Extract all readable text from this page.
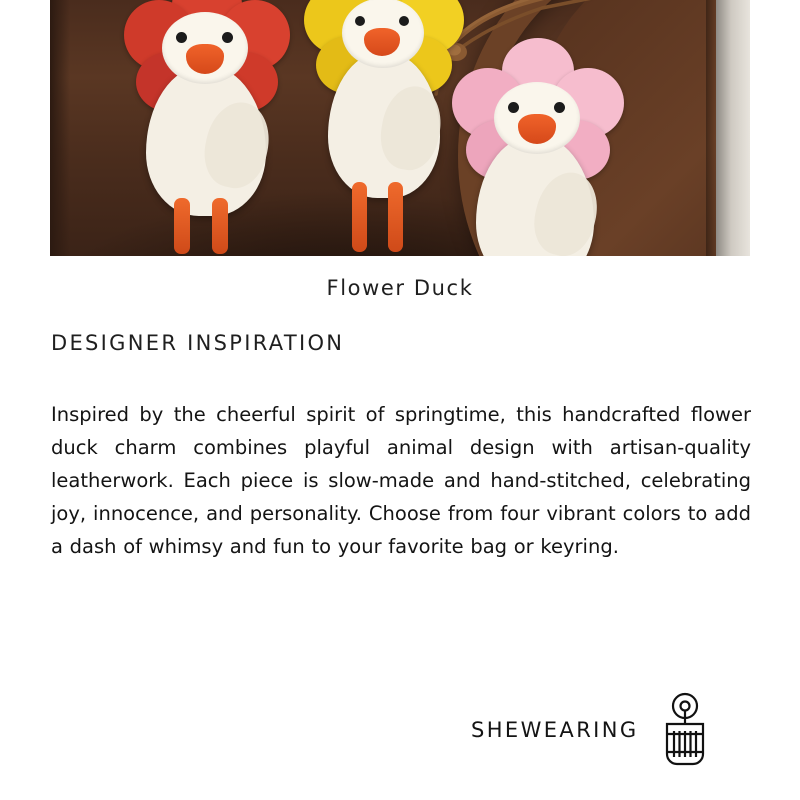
Flower Duck
DESIGNER INSPIRATION
Inspired by the cheerful spirit of springtime, this handcrafted flower duck charm combines playful animal design with artisan-quality leatherwork. Each piece is slow-made and hand-stitched, celebrating joy, innocence, and personality. Choose from four vibrant colors to add a dash of whimsy and fun to your favorite bag or keyring.
SHEWEARING
